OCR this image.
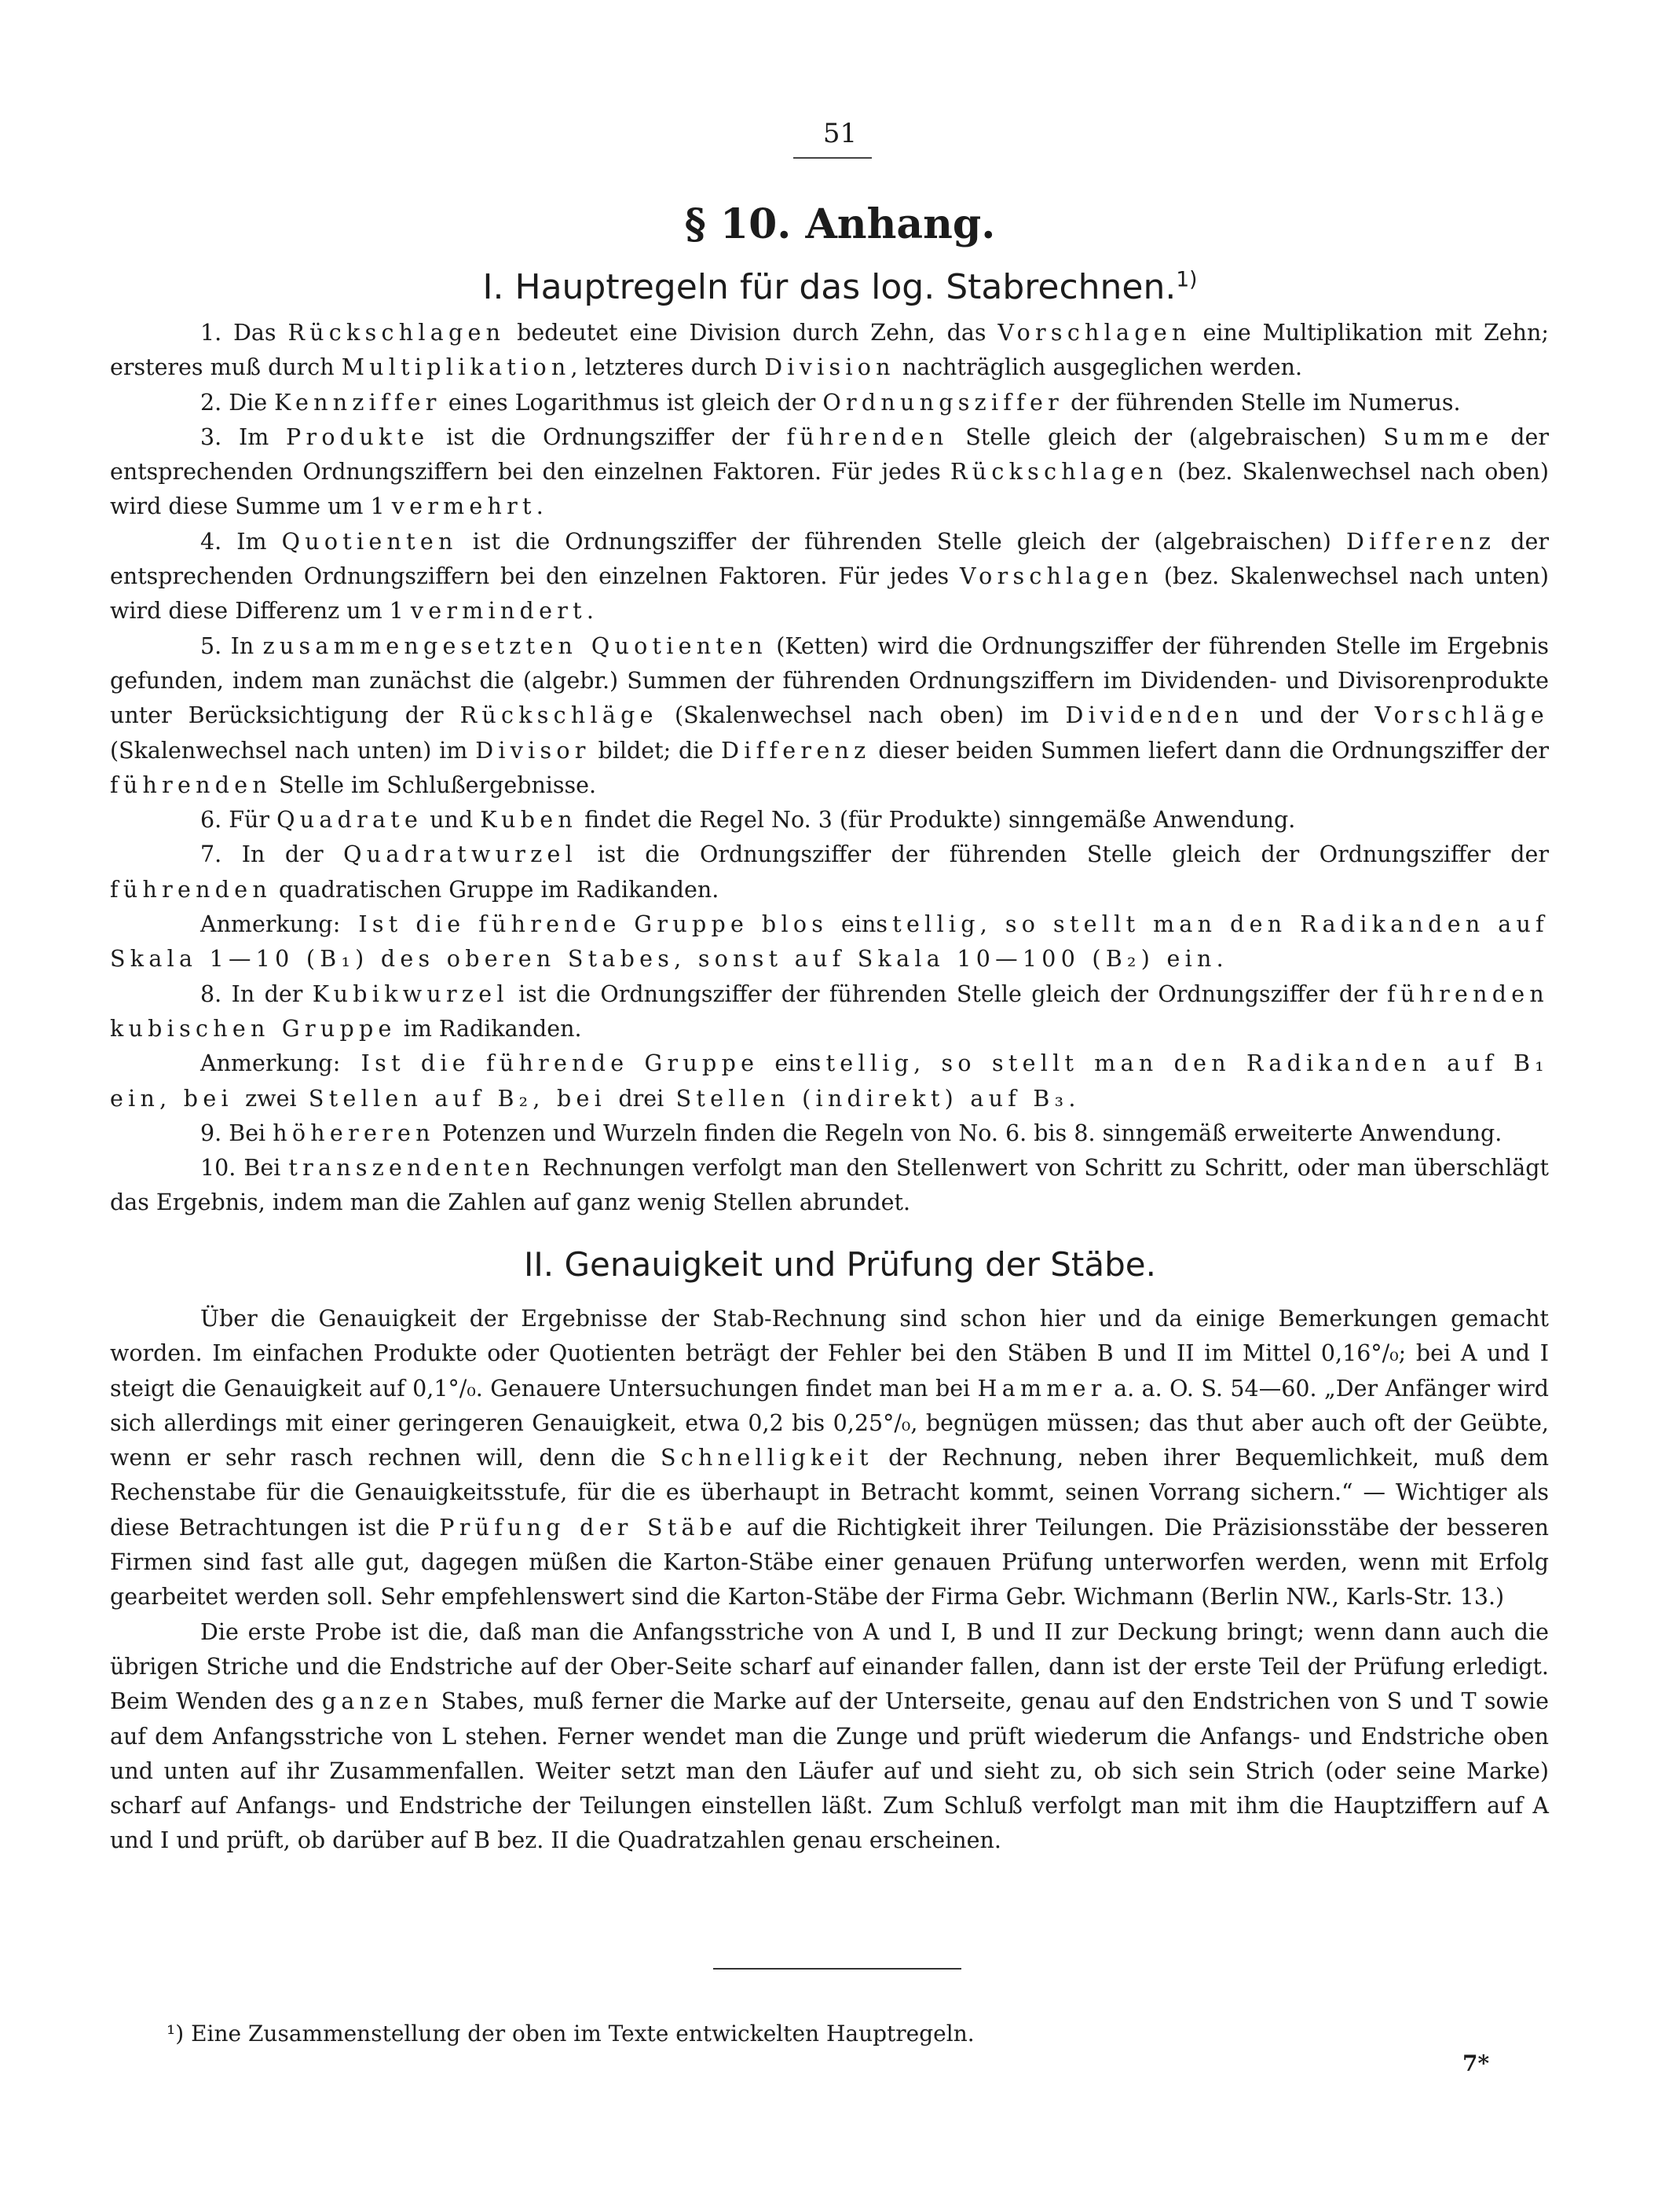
51
§ 10. Anhang.
I. Hauptregeln für das log. Stabrechnen.$^{1)}$

1. Das Rückschlagen bedeutet eine Division durch Zehn, das Vorschlagen eine Multiplikation mit Zehn; ersteres muß durch Multiplikation, letzteres durch Division nachträglich ausgeglichen werden.

2. Die Kennziffer eines Logarithmus ist gleich der Ordnungsziffer der führenden Stelle im Numerus.

3. Im Produkte ist die Ordnungsziffer der führenden Stelle gleich der (algebraischen) Summe der entsprechenden Ordnungsziffern bei den einzelnen Faktoren. Für jedes Rückschlagen (bez. Skalenwechsel nach oben) wird diese Summe um 1 vermehrt.

4. Im Quotienten ist die Ordnungsziffer der führenden Stelle gleich der (algebraischen) Differenz der entsprechenden Ordnungsziffern bei den einzelnen Faktoren. Für jedes Vorschlagen (bez. Skalenwechsel nach unten) wird diese Differenz um 1 vermindert.

5. In zusammengesetzten Quotienten (Ketten) wird die Ordnungsziffer der führenden Stelle im Ergebnis gefunden, indem man zunächst die (algebr.) Summen der führenden Ordnungsziffern im Dividenden- und Divisorenprodukte unter Berücksichtigung der Rückschläge (Skalenwechsel nach oben) im Dividenden und der Vorschläge (Skalenwechsel nach unten) im Divisor bildet; die Differenz dieser beiden Summen liefert dann die Ordnungsziffer der führenden Stelle im Schlußergebnisse.

6. Für Quadrate und Kuben findet die Regel No. 3 (für Produkte) sinngemäße Anwendung.

7. In der Quadratwurzel ist die Ordnungsziffer der führenden Stelle gleich der Ordnungsziffer der führenden quadratischen Gruppe im Radikanden.

Anmerkung: Ist die führende Gruppe blos einstellig, so stellt man den Radikanden auf Skala 1—10 (B₁) des oberen Stabes, sonst auf Skala 10—100 (B₂) ein.

8. In der Kubikwurzel ist die Ordnungsziffer der führenden Stelle gleich der Ordnungsziffer der führenden kubischen Gruppe im Radikanden.

Anmerkung: Ist die führende Gruppe einstellig, so stellt man den Radikanden auf B₁ ein, bei zwei Stellen auf B₂, bei drei Stellen (indirekt) auf B₃.

9. Bei höhereren Potenzen und Wurzeln finden die Regeln von No. 6. bis 8. sinngemäß erweiterte Anwendung.

10. Bei transzendenten Rechnungen verfolgt man den Stellenwert von Schritt zu Schritt, oder man überschlägt das Ergebnis, indem man die Zahlen auf ganz wenig Stellen abrundet.

II. Genauigkeit und Prüfung der Stäbe.

Über die Genauigkeit der Ergebnisse der Stab-Rechnung sind schon hier und da einige Bemerkungen gemacht worden. Im einfachen Produkte oder Quotienten beträgt der Fehler bei den Stäben B und II im Mittel 0,16°/₀; bei A und I steigt die Genauigkeit auf 0,1°/₀. Genauere Untersuchungen findet man bei Hammer a. a. O. S. 54—60. „Der Anfänger wird sich allerdings mit einer geringeren Genauigkeit, etwa 0,2 bis 0,25°/₀, begnügen müssen; das thut aber auch oft der Geübte, wenn er sehr rasch rechnen will, denn die Schnelligkeit der Rechnung, neben ihrer Bequemlichkeit, muß dem Rechenstabe für die Genauigkeitsstufe, für die es überhaupt in Betracht kommt, seinen Vorrang sichern.“ — Wichtiger als diese Betrachtungen ist die Prüfung der Stäbe auf die Richtigkeit ihrer Teilungen. Die Präzisionsstäbe der besseren Firmen sind fast alle gut, dagegen müßen die Karton-Stäbe einer genauen Prüfung unterworfen werden, wenn mit Erfolg gearbeitet werden soll. Sehr empfehlenswert sind die Karton-Stäbe der Firma Gebr. Wichmann (Berlin NW., Karls-Str. 13.)

Die erste Probe ist die, daß man die Anfangsstriche von A und I, B und II zur Deckung bringt; wenn dann auch die übrigen Striche und die Endstriche auf der Ober-Seite scharf auf einander fallen, dann ist der erste Teil der Prüfung erledigt. Beim Wenden des ganzen Stabes, muß ferner die Marke auf der Unterseite, genau auf den Endstrichen von S und T sowie auf dem Anfangsstriche von L stehen. Ferner wendet man die Zunge und prüft wiederum die Anfangs- und Endstriche oben und unten auf ihr Zusammenfallen. Weiter setzt man den Läufer auf und sieht zu, ob sich sein Strich (oder seine Marke) scharf auf Anfangs- und Endstriche der Teilungen einstellen läßt. Zum Schluß verfolgt man mit ihm die Hauptziffern auf A und I und prüft, ob darüber auf B bez. II die Quadratzahlen genau erscheinen.

¹) Eine Zusammenstellung der oben im Texte entwickelten Hauptregeln.
7*
